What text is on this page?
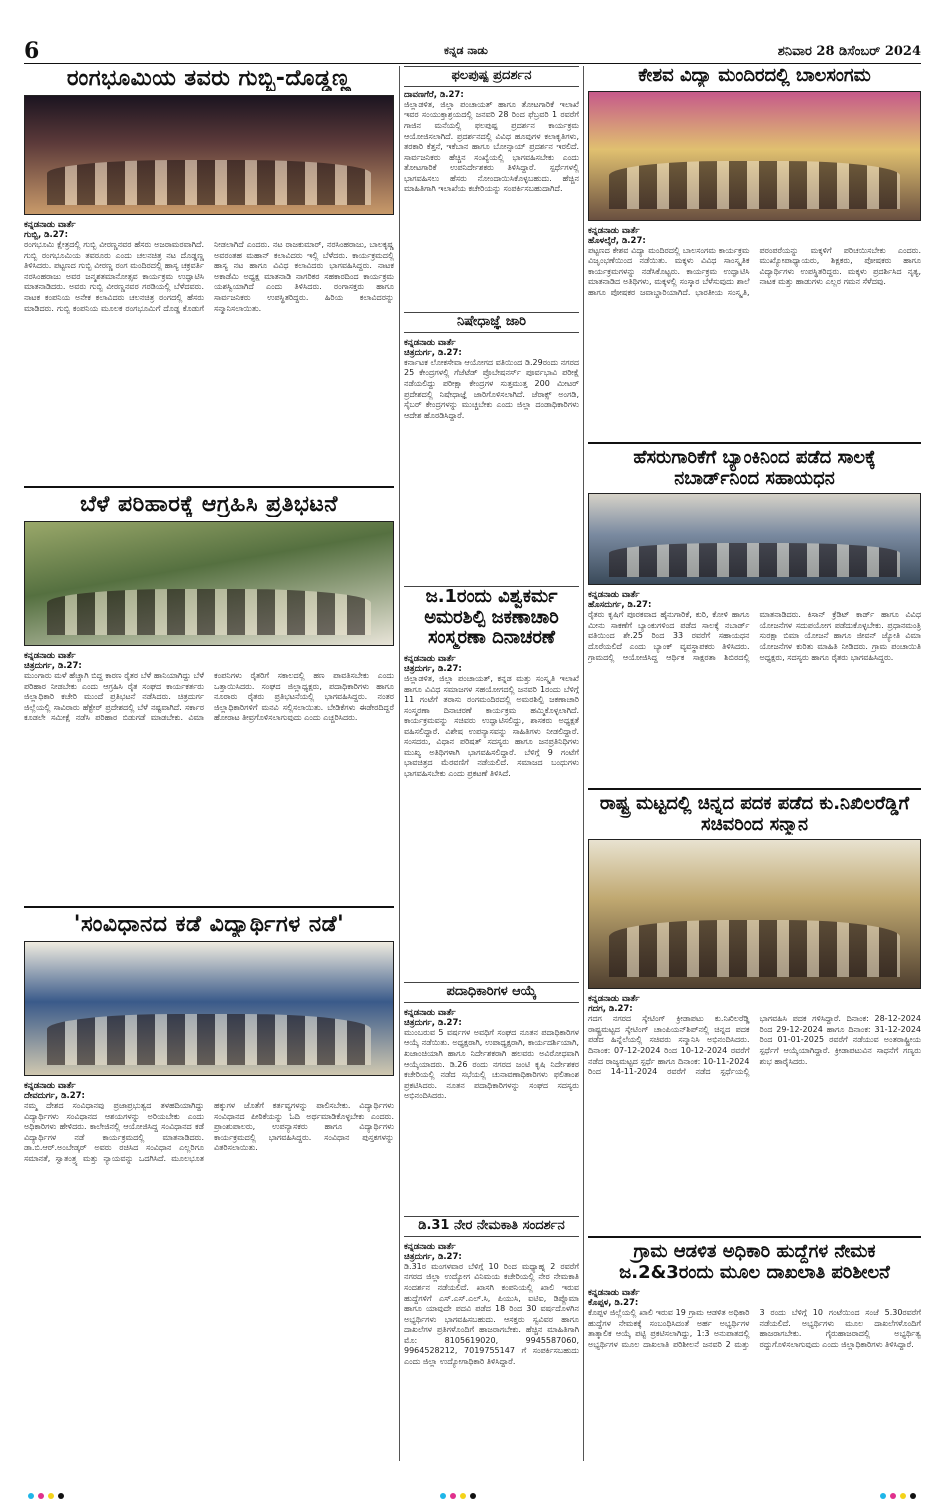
6	ಕನ್ನಡ ನಾಡು	ಶನಿವಾರ 28 ಡಿಸೆಂಬರ್ 2024
ರಂಗಭೂಮಿಯ ತವರು ಗುಬ್ಬಿ-ದೊಡ್ಡಣ್ಣ
ಕನ್ನಡನಾಡು ವಾರ್ತೆ
ಗುಬ್ಬಿ, ಡಿ.27:
ರಂಗಭೂಮಿ ಕ್ಷೇತ್ರದಲ್ಲಿ ಗುಬ್ಬಿ ವೀರಣ್ಣನವರ ಹೆಸರು ಅಜರಾಮರವಾಗಿದೆ. ಗುಬ್ಬಿ ರಂಗಭೂಮಿಯ ತವರೂರು ಎಂದು ಚಲನಚಿತ್ರ ನಟ ದೊಡ್ಡಣ್ಣ ತಿಳಿಸಿದರು. ಪಟ್ಟಣದ ಗುಬ್ಬಿ ವೀರಣ್ಣ ರಂಗ ಮಂದಿರದಲ್ಲಿ ಹಾಸ್ಯ ಚಕ್ರವರ್ತಿ ನರಸಿಂಹರಾಜು ಅವರ ಜನ್ಮಶತಮಾನೋತ್ಸವ ಕಾರ್ಯಕ್ರಮ ಉದ್ಘಾಟಿಸಿ ಮಾತನಾಡಿದರು. ಅವರು ಗುಬ್ಬಿ ವೀರಣ್ಣನವರ ಗರಡಿಯಲ್ಲಿ ಬೆಳೆದವರು. ನಾಟಕ ಕಂಪನಿಯ ಅನೇಕ ಕಲಾವಿದರು ಚಲನಚಿತ್ರ ರಂಗದಲ್ಲಿ ಹೆಸರು ಮಾಡಿದರು. ಗುಬ್ಬಿ ಕಂಪನಿಯ ಮೂಲಕ ರಂಗಭೂಮಿಗೆ ದೊಡ್ಡ ಕೊಡುಗೆ ನೀಡಲಾಗಿದೆ ಎಂದರು. ನಟ ರಾಜಕುಮಾರ್, ನರಸಿಂಹರಾಜು, ಬಾಲಕೃಷ್ಣ ಅವರಂತಹ ಮಹಾನ್ ಕಲಾವಿದರು ಇಲ್ಲಿ ಬೆಳೆದರು. ಕಾರ್ಯಕ್ರಮದಲ್ಲಿ ಹಾಸ್ಯ ನಟ ಹಾಗೂ ವಿವಿಧ ಕಲಾವಿದರು ಭಾಗವಹಿಸಿದ್ದರು. ನಾಟಕ ಅಕಾಡೆಮಿ ಅಧ್ಯಕ್ಷ ಮಾತನಾಡಿ ನಾಗರಿಕರ ಸಹಕಾರದಿಂದ ಕಾರ್ಯಕ್ರಮ ಯಶಸ್ವಿಯಾಗಿದೆ ಎಂದು ತಿಳಿಸಿದರು. ರಂಗಾಸಕ್ತರು ಹಾಗೂ ಸಾರ್ವಜನಿಕರು ಉಪಸ್ಥಿತರಿದ್ದರು. ಹಿರಿಯ ಕಲಾವಿದರನ್ನು ಸನ್ಮಾನಿಸಲಾಯಿತು.
ಬೆಳೆ ಪರಿಹಾರಕ್ಕೆ ಆಗ್ರಹಿಸಿ ಪ್ರತಿಭಟನೆ
ಕನ್ನಡನಾಡು ವಾರ್ತೆ
ಚಿತ್ರದುರ್ಗ, ಡಿ.27:
ಮುಂಗಾರು ಮಳೆ ಹೆಚ್ಚಾಗಿ ಬಿದ್ದ ಕಾರಣ ರೈತರ ಬೆಳೆ ಹಾನಿಯಾಗಿದ್ದು ಬೆಳೆ ಪರಿಹಾರ ನೀಡಬೇಕು ಎಂದು ಆಗ್ರಹಿಸಿ ರೈತ ಸಂಘದ ಕಾರ್ಯಕರ್ತರು ಜಿಲ್ಲಾಧಿಕಾರಿ ಕಚೇರಿ ಮುಂದೆ ಪ್ರತಿಭಟನೆ ನಡೆಸಿದರು. ಚಿತ್ರದುರ್ಗ ಜಿಲ್ಲೆಯಲ್ಲಿ ಸಾವಿರಾರು ಹೆಕ್ಟೇರ್ ಪ್ರದೇಶದಲ್ಲಿ ಬೆಳೆ ನಷ್ಟವಾಗಿದೆ. ಸರ್ಕಾರ ಕೂಡಲೇ ಸಮೀಕ್ಷೆ ನಡೆಸಿ ಪರಿಹಾರ ಬಿಡುಗಡೆ ಮಾಡಬೇಕು. ವಿಮಾ ಕಂಪನಿಗಳು ರೈತರಿಗೆ ಸಕಾಲದಲ್ಲಿ ಹಣ ಪಾವತಿಸಬೇಕು ಎಂದು ಒತ್ತಾಯಿಸಿದರು. ಸಂಘದ ಜಿಲ್ಲಾಧ್ಯಕ್ಷರು, ಪದಾಧಿಕಾರಿಗಳು ಹಾಗೂ ನೂರಾರು ರೈತರು ಪ್ರತಿಭಟನೆಯಲ್ಲಿ ಭಾಗವಹಿಸಿದ್ದರು. ನಂತರ ಜಿಲ್ಲಾಧಿಕಾರಿಗಳಿಗೆ ಮನವಿ ಸಲ್ಲಿಸಲಾಯಿತು. ಬೇಡಿಕೆಗಳು ಈಡೇರದಿದ್ದರೆ ಹೋರಾಟ ತೀವ್ರಗೊಳಿಸಲಾಗುವುದು ಎಂದು ಎಚ್ಚರಿಸಿದರು.
'ಸಂವಿಧಾನದ ಕಡೆ ವಿದ್ಯಾರ್ಥಿಗಳ ನಡೆ'
ಕನ್ನಡನಾಡು ವಾರ್ತೆ
ದೇವದುರ್ಗ, ಡಿ.27:
ನಮ್ಮ ದೇಶದ ಸಂವಿಧಾನವು ಪ್ರಜಾಪ್ರಭುತ್ವದ ತಳಹದಿಯಾಗಿದ್ದು ವಿದ್ಯಾರ್ಥಿಗಳು ಸಂವಿಧಾನದ ಆಶಯಗಳನ್ನು ಅರಿಯಬೇಕು ಎಂದು ಅಧಿಕಾರಿಗಳು ಹೇಳಿದರು. ಕಾಲೇಜಿನಲ್ಲಿ ಆಯೋಜಿಸಿದ್ದ ಸಂವಿಧಾನದ ಕಡೆ ವಿದ್ಯಾರ್ಥಿಗಳ ನಡೆ ಕಾರ್ಯಕ್ರಮದಲ್ಲಿ ಮಾತನಾಡಿದರು. ಡಾ.ಬಿ.ಆರ್.ಅಂಬೇಡ್ಕರ್ ಅವರು ರಚಿಸಿದ ಸಂವಿಧಾನ ಎಲ್ಲರಿಗೂ ಸಮಾನತೆ, ಸ್ವಾತಂತ್ರ್ಯ ಮತ್ತು ನ್ಯಾಯವನ್ನು ಒದಗಿಸಿದೆ. ಮೂಲಭೂತ ಹಕ್ಕುಗಳ ಜೊತೆಗೆ ಕರ್ತವ್ಯಗಳನ್ನು ಪಾಲಿಸಬೇಕು. ವಿದ್ಯಾರ್ಥಿಗಳು ಸಂವಿಧಾನದ ಪೀಠಿಕೆಯನ್ನು ಓದಿ ಅರ್ಥಮಾಡಿಕೊಳ್ಳಬೇಕು ಎಂದರು. ಪ್ರಾಂಶುಪಾಲರು, ಉಪನ್ಯಾಸಕರು ಹಾಗೂ ವಿದ್ಯಾರ್ಥಿಗಳು ಕಾರ್ಯಕ್ರಮದಲ್ಲಿ ಭಾಗವಹಿಸಿದ್ದರು. ಸಂವಿಧಾನ ಪುಸ್ತಕಗಳನ್ನು ವಿತರಿಸಲಾಯಿತು.
ಫಲಪುಷ್ಪ ಪ್ರದರ್ಶನ
ದಾವಣಗೆರೆ, ಡಿ.27:
ಜಿಲ್ಲಾಡಳಿತ, ಜಿಲ್ಲಾ ಪಂಚಾಯತ್ ಹಾಗೂ ತೋಟಗಾರಿಕೆ ಇಲಾಖೆ ಇವರ ಸಂಯುಕ್ತಾಶ್ರಯದಲ್ಲಿ ಜನವರಿ 28 ರಿಂದ ಫೆಬ್ರವರಿ 1 ರವರೆಗೆ ಗಾಜಿನ ಮನೆಯಲ್ಲಿ ಫಲಪುಷ್ಪ ಪ್ರದರ್ಶನ ಕಾರ್ಯಕ್ರಮ ಆಯೋಜಿಸಲಾಗಿದೆ. ಪ್ರದರ್ಶನದಲ್ಲಿ ವಿವಿಧ ಹೂವುಗಳ ಕಲಾಕೃತಿಗಳು, ತರಕಾರಿ ಕೆತ್ತನೆ, ಇಕೆಬಾನ ಹಾಗೂ ಬೋನ್ಸಾಯ್ ಪ್ರದರ್ಶನ ಇರಲಿದೆ. ಸಾರ್ವಜನಿಕರು ಹೆಚ್ಚಿನ ಸಂಖ್ಯೆಯಲ್ಲಿ ಭಾಗವಹಿಸಬೇಕು ಎಂದು ತೋಟಗಾರಿಕೆ ಉಪನಿರ್ದೇಶಕರು ತಿಳಿಸಿದ್ದಾರೆ. ಸ್ಪರ್ಧೆಗಳಲ್ಲಿ ಭಾಗವಹಿಸಲು ಹೆಸರು ನೋಂದಾಯಿಸಿಕೊಳ್ಳಬಹುದು. ಹೆಚ್ಚಿನ ಮಾಹಿತಿಗಾಗಿ ಇಲಾಖೆಯ ಕಚೇರಿಯನ್ನು ಸಂಪರ್ಕಿಸಬಹುದಾಗಿದೆ.
ನಿಷೇಧಾಜ್ಞೆ ಜಾರಿ
ಕನ್ನಡನಾಡು ವಾರ್ತೆ
ಚಿತ್ರದುರ್ಗ, ಡಿ.27:
ಕರ್ನಾಟಕ ಲೋಕಸೇವಾ ಆಯೋಗದ ವತಿಯಿಂದ ಡಿ.29ರಂದು ನಗರದ 25 ಕೇಂದ್ರಗಳಲ್ಲಿ ಗೆಜೆಟೆಡ್ ಪ್ರೊಬೇಷನರ್ಸ್ ಪೂರ್ವಭಾವಿ ಪರೀಕ್ಷೆ ನಡೆಯಲಿದ್ದು ಪರೀಕ್ಷಾ ಕೇಂದ್ರಗಳ ಸುತ್ತಮುತ್ತ 200 ಮೀಟರ್ ಪ್ರದೇಶದಲ್ಲಿ ನಿಷೇಧಾಜ್ಞೆ ಜಾರಿಗೊಳಿಸಲಾಗಿದೆ. ಜೆರಾಕ್ಸ್ ಅಂಗಡಿ, ಸೈಬರ್ ಕೇಂದ್ರಗಳನ್ನು ಮುಚ್ಚಬೇಕು ಎಂದು ಜಿಲ್ಲಾ ದಂಡಾಧಿಕಾರಿಗಳು ಆದೇಶ ಹೊರಡಿಸಿದ್ದಾರೆ.
ಜ.1ರಂದು ವಿಶ್ವಕರ್ಮ ಅಮರಶಿಲ್ಪಿ ಜಕಣಾಚಾರಿ ಸಂಸ್ಮರಣಾ ದಿನಾಚರಣೆ
ಕನ್ನಡನಾಡು ವಾರ್ತೆ
ಚಿತ್ರದುರ್ಗ, ಡಿ.27:
ಜಿಲ್ಲಾಡಳಿತ, ಜಿಲ್ಲಾ ಪಂಚಾಯತ್, ಕನ್ನಡ ಮತ್ತು ಸಂಸ್ಕೃತಿ ಇಲಾಖೆ ಹಾಗೂ ವಿವಿಧ ಸಮಾಜಗಳ ಸಹಯೋಗದಲ್ಲಿ ಜನವರಿ 1ರಂದು ಬೆಳಿಗ್ಗೆ 11 ಗಂಟೆಗೆ ತರಾಸು ರಂಗಮಂದಿರದಲ್ಲಿ ಅಮರಶಿಲ್ಪಿ ಜಕಣಾಚಾರಿ ಸಂಸ್ಮರಣಾ ದಿನಾಚರಣೆ ಕಾರ್ಯಕ್ರಮ ಹಮ್ಮಿಕೊಳ್ಳಲಾಗಿದೆ. ಕಾರ್ಯಕ್ರಮವನ್ನು ಸಚಿವರು ಉದ್ಘಾಟಿಸಲಿದ್ದು, ಶಾಸಕರು ಅಧ್ಯಕ್ಷತೆ ವಹಿಸಲಿದ್ದಾರೆ. ವಿಶೇಷ ಉಪನ್ಯಾಸವನ್ನು ಸಾಹಿತಿಗಳು ನೀಡಲಿದ್ದಾರೆ. ಸಂಸದರು, ವಿಧಾನ ಪರಿಷತ್ ಸದಸ್ಯರು ಹಾಗೂ ಜನಪ್ರತಿನಿಧಿಗಳು ಮುಖ್ಯ ಅತಿಥಿಗಳಾಗಿ ಭಾಗವಹಿಸಲಿದ್ದಾರೆ. ಬೆಳಿಗ್ಗೆ 9 ಗಂಟೆಗೆ ಭಾವಚಿತ್ರದ ಮೆರವಣಿಗೆ ನಡೆಯಲಿದೆ. ಸಮಾಜದ ಬಂಧುಗಳು ಭಾಗವಹಿಸಬೇಕು ಎಂದು ಪ್ರಕಟಣೆ ತಿಳಿಸಿದೆ.
ಪದಾಧಿಕಾರಿಗಳ ಆಯ್ಕೆ
ಕನ್ನಡನಾಡು ವಾರ್ತೆ
ಚಿತ್ರದುರ್ಗ, ಡಿ.27:
ಮುಂಬರುವ 5 ವರ್ಷಗಳ ಅವಧಿಗೆ ಸಂಘದ ನೂತನ ಪದಾಧಿಕಾರಿಗಳ ಆಯ್ಕೆ ನಡೆಯಿತು. ಅಧ್ಯಕ್ಷರಾಗಿ, ಉಪಾಧ್ಯಕ್ಷರಾಗಿ, ಕಾರ್ಯದರ್ಶಿಯಾಗಿ, ಖಜಾಂಚಿಯಾಗಿ ಹಾಗೂ ನಿರ್ದೇಶಕರಾಗಿ ಹಲವರು ಅವಿರೋಧವಾಗಿ ಆಯ್ಕೆಯಾದರು. ಡಿ.26 ರಂದು ನಗರದ ಜಂಟಿ ಕೃಷಿ ನಿರ್ದೇಶಕರ ಕಚೇರಿಯಲ್ಲಿ ನಡೆದ ಸಭೆಯಲ್ಲಿ ಚುನಾವಣಾಧಿಕಾರಿಗಳು ಫಲಿತಾಂಶ ಪ್ರಕಟಿಸಿದರು. ನೂತನ ಪದಾಧಿಕಾರಿಗಳನ್ನು ಸಂಘದ ಸದಸ್ಯರು ಅಭಿನಂದಿಸಿದರು.
ಡಿ.31 ನೇರ ನೇಮಕಾತಿ ಸಂದರ್ಶನ
ಕನ್ನಡನಾಡು ವಾರ್ತೆ
ಚಿತ್ರದುರ್ಗ, ಡಿ.27:
ಡಿ.31ರ ಮಂಗಳವಾರ ಬೆಳಿಗ್ಗೆ 10 ರಿಂದ ಮಧ್ಯಾಹ್ನ 2 ರವರೆಗೆ ನಗರದ ಜಿಲ್ಲಾ ಉದ್ಯೋಗ ವಿನಿಮಯ ಕಚೇರಿಯಲ್ಲಿ ನೇರ ನೇಮಕಾತಿ ಸಂದರ್ಶನ ನಡೆಯಲಿದೆ. ಖಾಸಗಿ ಕಂಪನಿಯಲ್ಲಿ ಖಾಲಿ ಇರುವ ಹುದ್ದೆಗಳಿಗೆ ಎಸ್.ಎಸ್.ಎಲ್.ಸಿ, ಪಿಯುಸಿ, ಐಟಿಐ, ಡಿಪ್ಲೊಮಾ ಹಾಗೂ ಯಾವುದೇ ಪದವಿ ಪಡೆದ 18 ರಿಂದ 30 ವರ್ಷದೊಳಗಿನ ಅಭ್ಯರ್ಥಿಗಳು ಭಾಗವಹಿಸಬಹುದು. ಆಸಕ್ತರು ಸ್ವವಿವರ ಹಾಗೂ ದಾಖಲೆಗಳ ಪ್ರತಿಗಳೊಂದಿಗೆ ಹಾಜರಾಗಬೇಕು. ಹೆಚ್ಚಿನ ಮಾಹಿತಿಗಾಗಿ ಮೊ: 8105619020, 9945587060, 9964528212, 7019755147 ಗೆ ಸಂಪರ್ಕಿಸಬಹುದು ಎಂದು ಜಿಲ್ಲಾ ಉದ್ಯೋಗಾಧಿಕಾರಿ ತಿಳಿಸಿದ್ದಾರೆ.
ಕೇಶವ ವಿದ್ಯಾ ಮಂದಿರದಲ್ಲಿ ಬಾಲಸಂಗಮ
ಕನ್ನಡನಾಡು ವಾರ್ತೆ
ಹೊಳಲ್ಕೆರೆ, ಡಿ.27:
ಪಟ್ಟಣದ ಕೇಶವ ವಿದ್ಯಾ ಮಂದಿರದಲ್ಲಿ ಬಾಲಸಂಗಮ ಕಾರ್ಯಕ್ರಮ ವಿಜೃಂಭಣೆಯಿಂದ ನಡೆಯಿತು. ಮಕ್ಕಳು ವಿವಿಧ ಸಾಂಸ್ಕೃತಿಕ ಕಾರ್ಯಕ್ರಮಗಳನ್ನು ನಡೆಸಿಕೊಟ್ಟರು. ಕಾರ್ಯಕ್ರಮ ಉದ್ಘಾಟಿಸಿ ಮಾತನಾಡಿದ ಅತಿಥಿಗಳು, ಮಕ್ಕಳಲ್ಲಿ ಸಂಸ್ಕಾರ ಬೆಳೆಸುವುದು ಶಾಲೆ ಹಾಗೂ ಪೋಷಕರ ಜವಾಬ್ದಾರಿಯಾಗಿದೆ. ಭಾರತೀಯ ಸಂಸ್ಕೃತಿ, ಪರಂಪರೆಯನ್ನು ಮಕ್ಕಳಿಗೆ ಪರಿಚಯಿಸಬೇಕು ಎಂದರು. ಮುಖ್ಯೋಪಾಧ್ಯಾಯರು, ಶಿಕ್ಷಕರು, ಪೋಷಕರು ಹಾಗೂ ವಿದ್ಯಾರ್ಥಿಗಳು ಉಪಸ್ಥಿತರಿದ್ದರು. ಮಕ್ಕಳು ಪ್ರದರ್ಶಿಸಿದ ನೃತ್ಯ, ನಾಟಕ ಮತ್ತು ಹಾಡುಗಳು ಎಲ್ಲರ ಗಮನ ಸೆಳೆದವು.
ಹೆಸರುಗಾರಿಕೆಗೆ ಬ್ಯಾಂಕಿನಿಂದ ಪಡೆದ ಸಾಲಕ್ಕೆ ನಬಾರ್ಡ್‌ನಿಂದ ಸಹಾಯಧನ
ಕನ್ನಡನಾಡು ವಾರ್ತೆ
ಹೊಸದುರ್ಗ, ಡಿ.27:
ರೈತರು ಕೃಷಿಗೆ ಪೂರಕವಾದ ಹೈನುಗಾರಿಕೆ, ಕುರಿ, ಕೋಳಿ ಹಾಗೂ ಮೀನು ಸಾಕಣೆಗೆ ಬ್ಯಾಂಕುಗಳಿಂದ ಪಡೆದ ಸಾಲಕ್ಕೆ ನಬಾರ್ಡ್ ವತಿಯಿಂದ ಶೇ.25 ರಿಂದ 33 ರವರೆಗೆ ಸಹಾಯಧನ ದೊರೆಯಲಿದೆ ಎಂದು ಬ್ಯಾಂಕ್ ವ್ಯವಸ್ಥಾಪಕರು ತಿಳಿಸಿದರು. ಗ್ರಾಮದಲ್ಲಿ ಆಯೋಜಿಸಿದ್ದ ಆರ್ಥಿಕ ಸಾಕ್ಷರತಾ ಶಿಬಿರದಲ್ಲಿ ಮಾತನಾಡಿದರು. ಕಿಸಾನ್ ಕ್ರೆಡಿಟ್ ಕಾರ್ಡ್ ಹಾಗೂ ವಿವಿಧ ಯೋಜನೆಗಳ ಸದುಪಯೋಗ ಪಡೆದುಕೊಳ್ಳಬೇಕು. ಪ್ರಧಾನಮಂತ್ರಿ ಸುರಕ್ಷಾ ಬಿಮಾ ಯೋಜನೆ ಹಾಗೂ ಜೀವನ್ ಜ್ಯೋತಿ ವಿಮಾ ಯೋಜನೆಗಳ ಕುರಿತು ಮಾಹಿತಿ ನೀಡಿದರು. ಗ್ರಾಮ ಪಂಚಾಯಿತಿ ಅಧ್ಯಕ್ಷರು, ಸದಸ್ಯರು ಹಾಗೂ ರೈತರು ಭಾಗವಹಿಸಿದ್ದರು.
ರಾಷ್ಟ್ರ ಮಟ್ಟದಲ್ಲಿ ಚಿನ್ನದ ಪದಕ ಪಡೆದ ಕು.ನಿಖಿಲರೆಡ್ಡಿಗೆ ಸಚಿವರಿಂದ ಸನ್ಮಾನ
ಕನ್ನಡನಾಡು ವಾರ್ತೆ
ಗದಗ, ಡಿ.27:
ಗದಗ ನಗರದ ಸ್ಕೇಟಿಂಗ್ ಕ್ರೀಡಾಪಟು ಕು.ನಿಖಿಲರೆಡ್ಡಿ ರಾಷ್ಟ್ರಮಟ್ಟದ ಸ್ಕೇಟಿಂಗ್ ಚಾಂಪಿಯನ್‌ಶಿಪ್‌ನಲ್ಲಿ ಚಿನ್ನದ ಪದಕ ಪಡೆದ ಹಿನ್ನೆಲೆಯಲ್ಲಿ ಸಚಿವರು ಸನ್ಮಾನಿಸಿ ಅಭಿನಂದಿಸಿದರು. ದಿನಾಂಕ: 07-12-2024 ರಿಂದ 10-12-2024 ರವರೆಗೆ ನಡೆದ ರಾಜ್ಯಮಟ್ಟದ ಸ್ಪರ್ಧೆ ಹಾಗೂ ದಿನಾಂಕ: 10-11-2024 ರಿಂದ 14-11-2024 ರವರೆಗೆ ನಡೆದ ಸ್ಪರ್ಧೆಯಲ್ಲಿ ಭಾಗವಹಿಸಿ ಪದಕ ಗಳಿಸಿದ್ದಾರೆ. ದಿನಾಂಕ: 28-12-2024 ರಿಂದ 29-12-2024 ಹಾಗೂ ದಿನಾಂಕ: 31-12-2024 ರಿಂದ 01-01-2025 ರವರೆಗೆ ನಡೆಯುವ ಅಂತರಾಷ್ಟ್ರೀಯ ಸ್ಪರ್ಧೆಗೆ ಆಯ್ಕೆಯಾಗಿದ್ದಾರೆ. ಕ್ರೀಡಾಪಟುವಿನ ಸಾಧನೆಗೆ ಗಣ್ಯರು ಶುಭ ಹಾರೈಸಿದರು.
ಗ್ರಾಮ ಆಡಳಿತ ಅಧಿಕಾರಿ ಹುದ್ದೆಗಳ ನೇಮಕ ಜ.2&3ರಂದು ಮೂಲ ದಾಖಲಾತಿ ಪರಿಶೀಲನೆ
ಕನ್ನಡನಾಡು ವಾರ್ತೆ
ಕೊಪ್ಪಳ, ಡಿ.27:
ಕೊಪ್ಪಳ ಜಿಲ್ಲೆಯಲ್ಲಿ ಖಾಲಿ ಇರುವ 19 ಗ್ರಾಮ ಆಡಳಿತ ಅಧಿಕಾರಿ ಹುದ್ದೆಗಳ ನೇಮಕಕ್ಕೆ ಸಂಬಂಧಿಸಿದಂತೆ ಅರ್ಹ ಅಭ್ಯರ್ಥಿಗಳ ತಾತ್ಕಾಲಿಕ ಆಯ್ಕೆ ಪಟ್ಟಿ ಪ್ರಕಟಿಸಲಾಗಿದ್ದು, 1:3 ಅನುಪಾತದಲ್ಲಿ ಅಭ್ಯರ್ಥಿಗಳ ಮೂಲ ದಾಖಲಾತಿ ಪರಿಶೀಲನೆ ಜನವರಿ 2 ಮತ್ತು 3 ರಂದು ಬೆಳಿಗ್ಗೆ 10 ಗಂಟೆಯಿಂದ ಸಂಜೆ 5.30ರವರೆಗೆ ನಡೆಯಲಿದೆ. ಅಭ್ಯರ್ಥಿಗಳು ಮೂಲ ದಾಖಲೆಗಳೊಂದಿಗೆ ಹಾಜರಾಗಬೇಕು. ಗೈರುಹಾಜರಾದಲ್ಲಿ ಅಭ್ಯರ್ಥಿತ್ವ ರದ್ದುಗೊಳಿಸಲಾಗುವುದು ಎಂದು ಜಿಲ್ಲಾಧಿಕಾರಿಗಳು ತಿಳಿಸಿದ್ದಾರೆ.
